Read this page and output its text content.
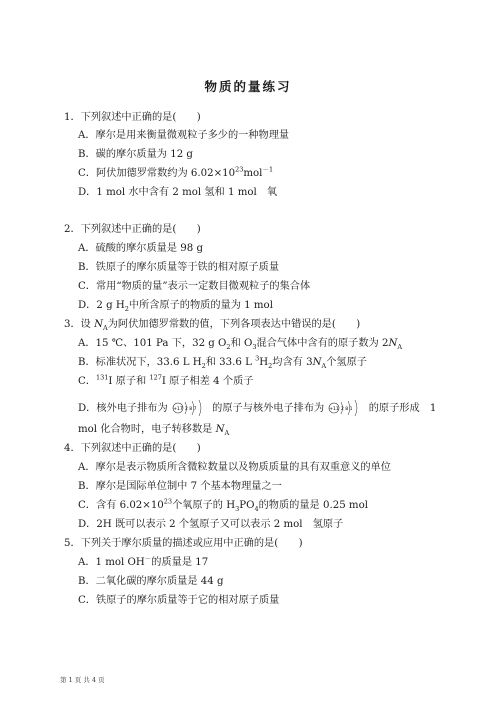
物质的量练习
1．下列叙述中正确的是(　　)
A．摩尔是用来衡量微观粒子多少的一种物理量
B．碳的摩尔质量为 12 g
C．阿伏加德罗常数约为 $6.02\times 10^{23}mol^{-1}$
D．1 mol 水中含有 2 mol 氢和 1 mol　氧
2．下列叙述中正确的是(　　)
A．硫酸的摩尔质量是 98 g
B．铁原子的摩尔质量等于铁的相对原子质量
C．常用“物质的量”表示一定数目微观粒子的集合体
D．2 g $H_2$中所含原子的物质的量为 1 mol
3．设 $N_A$为阿伏加德罗常数的值，下列各项表达中错误的是(　　)
A．15 ℃、101 Pa 下，32 g $O_2$和 $O_3$混合气体中含有的原子数为 $2N_A$
B．标准状况下，33.6 L $H_2$和 33.6 L $^3H_2$均含有 $3N_A$个氢原子
C．$^{131}$I 原子和 $^{127}$I 原子相差 4 个质子
D．核外电子排布为 +17 2 8 7 的原子与核外电子排布为 +11 2 8 1 的原子形成　1
mol 化合物时，电子转移数是 $N_A$
4．下列叙述中正确的是(　　)
A．摩尔是表示物质所含微粒数量以及物质质量的具有双重意义的单位
B．摩尔是国际单位制中 7 个基本物理量之一
C．含有 $6.02\times 10^{23}$个氧原子的 $H_3PO_4$的物质的量是 0.25 mol
D．2H 既可以表示 2 个氢原子又可以表示 2 mol　氢原子
5．下列关于摩尔质量的描述或应用中正确的是(　　)
A．1 mol OH－的质量是 17
B．二氧化碳的摩尔质量是 44 g
C．铁原子的摩尔质量等于它的相对原子质量
第 1 页 共 4 页
